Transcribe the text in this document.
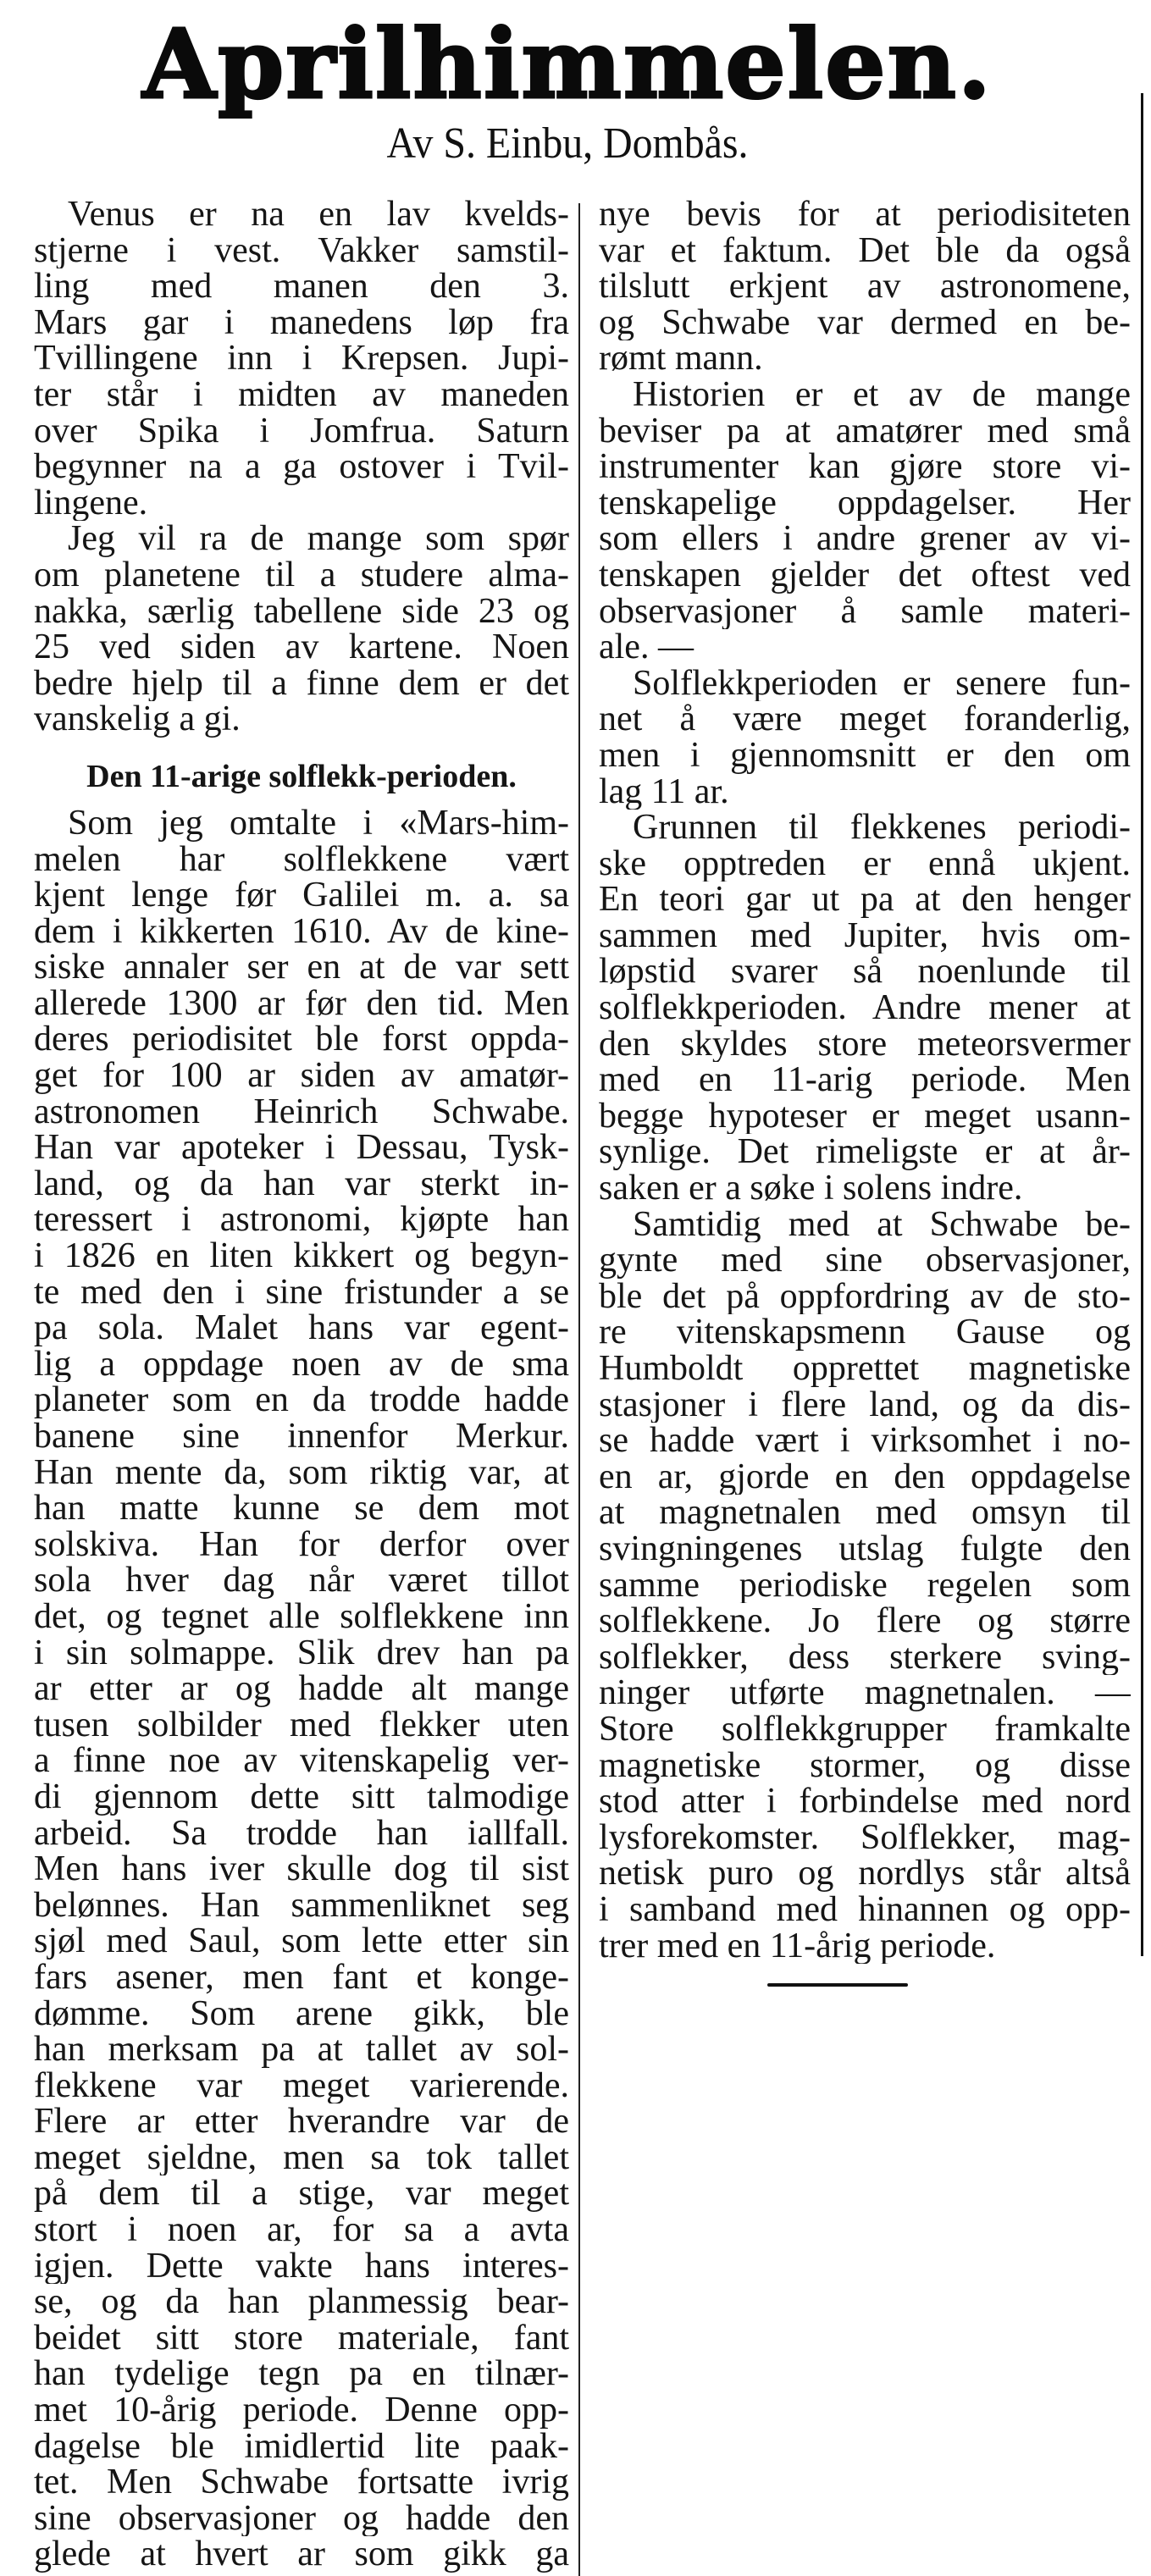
Aprilhimmelen.
Av S. Einbu, Dombås.
Venus er na en lav kvelds-
stjerne i vest. Vakker samstil-
ling med manen den 3.
Mars gar i manedens løp fra
Tvillingene inn i Krepsen. Jupi-
ter står i midten av maneden
over Spika i Jomfrua. Saturn
begynner na a ga ostover i Tvil-
lingene.
Jeg vil ra de mange som spør
om planetene til a studere alma-
nakka, særlig tabellene side 23 og
25 ved siden av kartene. Noen
bedre hjelp til a finne dem er det
vanskelig a gi.
Den 11-arige solflekk-perioden.
Som jeg omtalte i «Mars-him-
melen har solflekkene vært
kjent lenge før Galilei m. a. sa
dem i kikkerten 1610. Av de kine-
siske annaler ser en at de var sett
allerede 1300 ar før den tid. Men
deres periodisitet ble forst oppda-
get for 100 ar siden av amatør-
astronomen Heinrich Schwabe.
Han var apoteker i Dessau, Tysk-
land, og da han var sterkt in-
teressert i astronomi, kjøpte han
i 1826 en liten kikkert og begyn-
te med den i sine fristunder a se
pa sola. Malet hans var egent-
lig a oppdage noen av de sma
planeter som en da trodde hadde
banene sine innenfor Merkur.
Han mente da, som riktig var, at
han matte kunne se dem mot
solskiva. Han for derfor over
sola hver dag når været tillot
det, og tegnet alle solflekkene inn
i sin solmappe. Slik drev han pa
ar etter ar og hadde alt mange
tusen solbilder med flekker uten
a finne noe av vitenskapelig ver-
di gjennom dette sitt talmodige
arbeid. Sa trodde han iallfall.
Men hans iver skulle dog til sist
belønnes. Han sammenliknet seg
sjøl med Saul, som lette etter sin
fars asener, men fant et konge-
dømme. Som arene gikk, ble
han merksam pa at tallet av sol-
flekkene var meget varierende.
Flere ar etter hverandre var de
meget sjeldne, men sa tok tallet
på dem til a stige, var meget
stort i noen ar, for sa a avta
igjen. Dette vakte hans interes-
se, og da han planmessig bear-
beidet sitt store materiale, fant
han tydelige tegn pa en tilnær-
met 10-årig periode. Denne opp-
dagelse ble imidlertid lite paak-
tet. Men Schwabe fortsatte ivrig
sine observasjoner og hadde den
glede at hvert ar som gikk ga
nye bevis for at periodisiteten
var et faktum. Det ble da også
tilslutt erkjent av astronomene,
og Schwabe var dermed en be-
rømt mann.
Historien er et av de mange
beviser pa at amatører med små
instrumenter kan gjøre store vi-
tenskapelige oppdagelser. Her
som ellers i andre grener av vi-
tenskapen gjelder det oftest ved
observasjoner å samle materi-
ale. —
Solflekkperioden er senere fun-
net å være meget foranderlig,
men i gjennomsnitt er den om
lag 11 ar.
Grunnen til flekkenes periodi-
ske opptreden er ennå ukjent.
En teori gar ut pa at den henger
sammen med Jupiter, hvis om-
løpstid svarer så noenlunde til
solflekkperioden. Andre mener at
den skyldes store meteorsvermer
med en 11-arig periode. Men
begge hypoteser er meget usann-
synlige. Det rimeligste er at år-
saken er a søke i solens indre.
Samtidig med at Schwabe be-
gynte med sine observasjoner,
ble det på oppfordring av de sto-
re vitenskapsmenn Gause og
Humboldt opprettet magnetiske
stasjoner i flere land, og da dis-
se hadde vært i virksomhet i no-
en ar, gjorde en den oppdagelse
at magnetnalen med omsyn til
svingningenes utslag fulgte den
samme periodiske regelen som
solflekkene. Jo flere og større
solflekker, dess sterkere sving-
ninger utførte magnetnalen. —
Store solflekkgrupper framkalte
magnetiske stormer, og disse
stod atter i forbindelse med nord
lysforekomster. Solflekker, mag-
netisk puro og nordlys står altså
i samband med hinannen og opp-
trer med en 11-årig periode.
